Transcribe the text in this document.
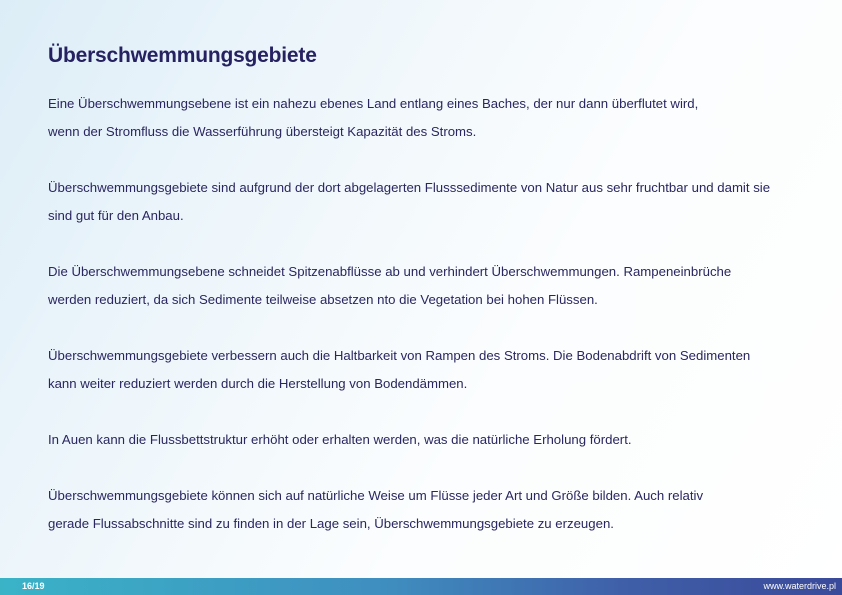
Überschwemmungsgebiete

Eine Überschwemmungsebene ist ein nahezu ebenes Land entlang eines Baches, der nur dann überflutet wird,
wenn der Stromfluss die Wasserführung übersteigt Kapazität des Stroms.

Überschwemmungsgebiete sind aufgrund der dort abgelagerten Flusssedimente von Natur aus sehr fruchtbar und damit sie
sind gut für den Anbau.

Die Überschwemmungsebene schneidet Spitzenabflüsse ab und verhindert Überschwemmungen. Rampeneinbrüche
werden reduziert, da sich Sedimente teilweise absetzen nto die Vegetation bei hohen Flüssen.

Überschwemmungsgebiete verbessern auch die Haltbarkeit von Rampen des Stroms. Die Bodenabdrift von Sedimenten
kann weiter reduziert werden durch die Herstellung von Bodendämmen.

In Auen kann die Flussbettstruktur erhöht oder erhalten werden, was die natürliche Erholung fördert.

Überschwemmungsgebiete können sich auf natürliche Weise um Flüsse jeder Art und Größe bilden. Auch relativ
gerade Flussabschnitte sind zu finden in der Lage sein, Überschwemmungsgebiete zu erzeugen.

16/19	www.waterdrive.pl
